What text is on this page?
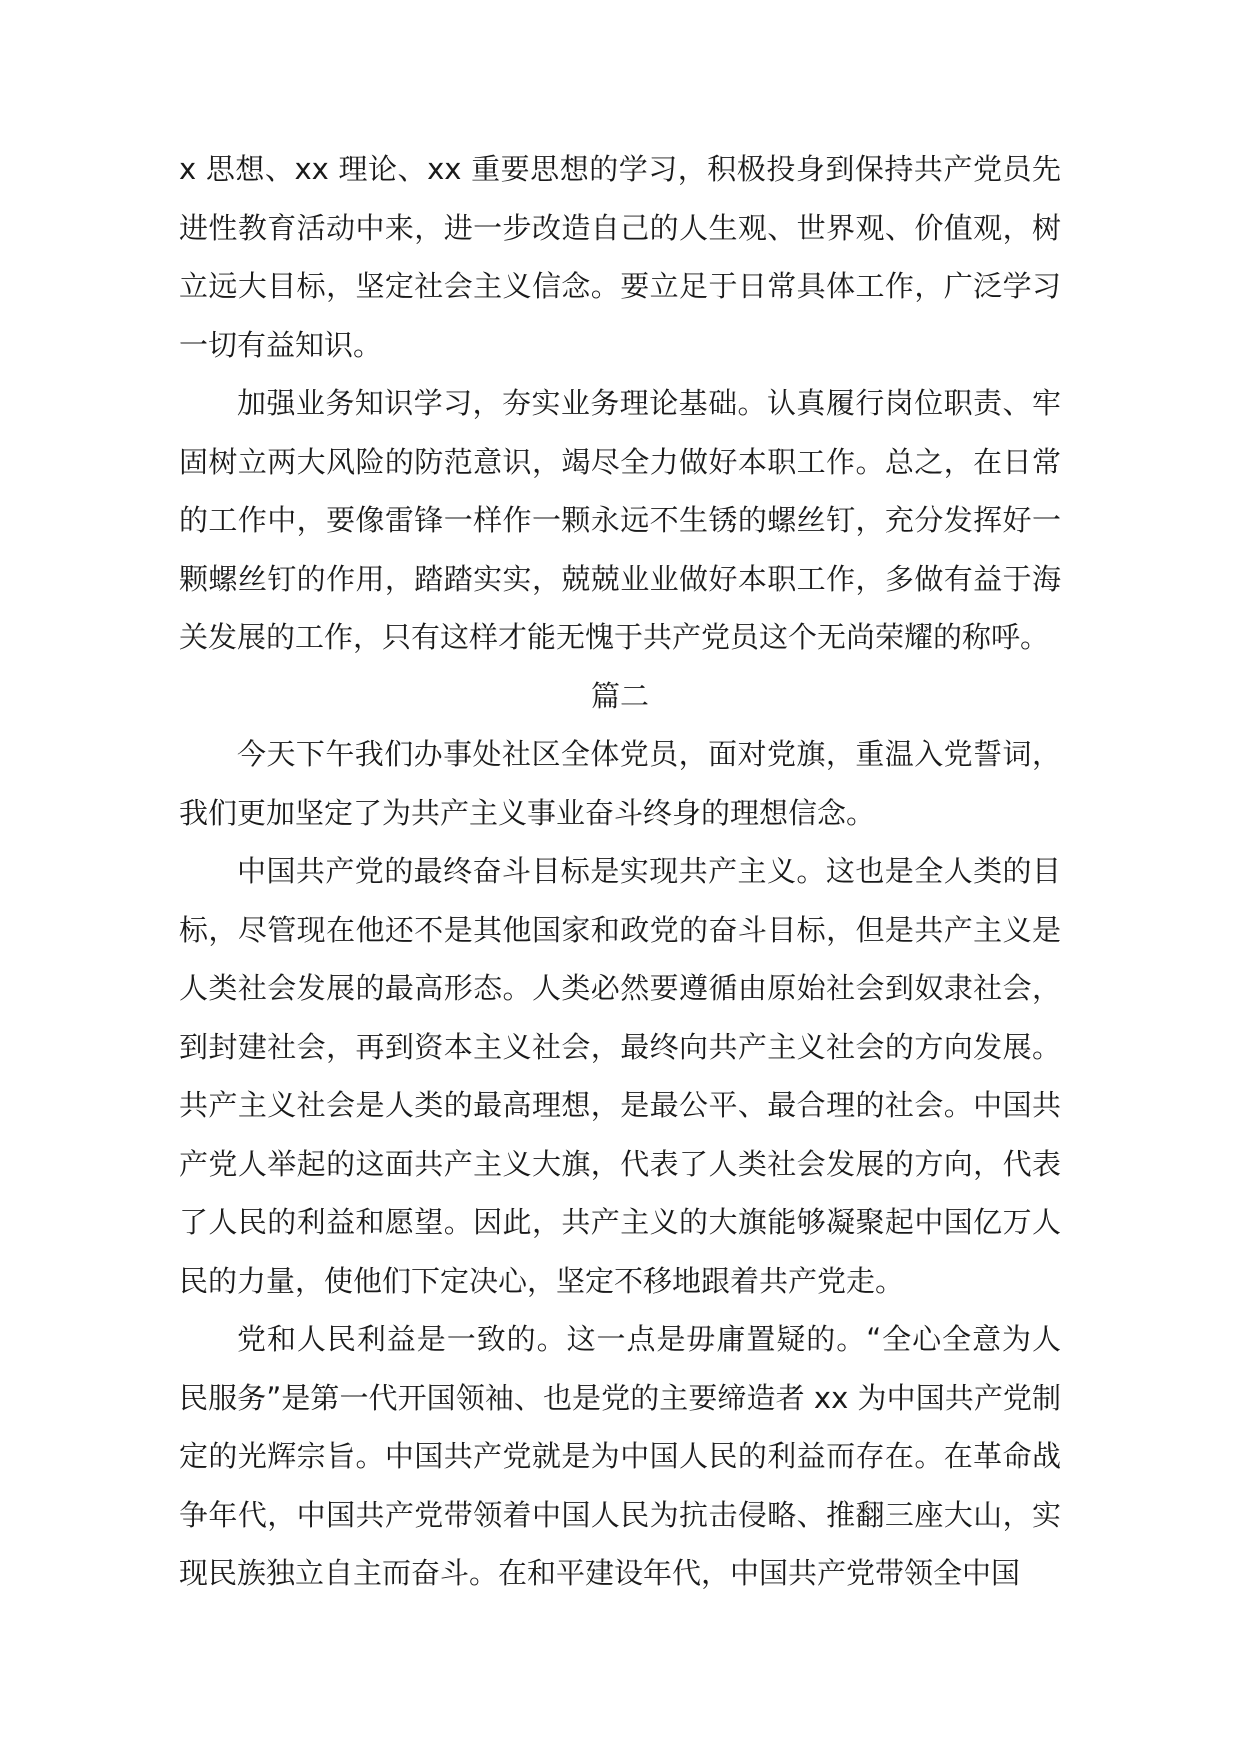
x 思想、xx 理论、xx 重要思想的学习，积极投身到保持共产党员先进性教育活动中来，进一步改造自己的人生观、世界观、价值观，树立远大目标，坚定社会主义信念。要立足于日常具体工作，广泛学习一切有益知识。

加强业务知识学习，夯实业务理论基础。认真履行岗位职责、牢固树立两大风险的防范意识，竭尽全力做好本职工作。总之，在日常的工作中，要像雷锋一样作一颗永远不生锈的螺丝钉，充分发挥好一颗螺丝钉的作用，踏踏实实，兢兢业业做好本职工作，多做有益于海关发展的工作，只有这样才能无愧于共产党员这个无尚荣耀的称呼。

篇二

今天下午我们办事处社区全体党员，面对党旗，重温入党誓词，我们更加坚定了为共产主义事业奋斗终身的理想信念。

中国共产党的最终奋斗目标是实现共产主义。这也是全人类的目标，尽管现在他还不是其他国家和政党的奋斗目标，但是共产主义是人类社会发展的最高形态。人类必然要遵循由原始社会到奴隶社会，到封建社会，再到资本主义社会，最终向共产主义社会的方向发展。共产主义社会是人类的最高理想，是最公平、最合理的社会。中国共产党人举起的这面共产主义大旗，代表了人类社会发展的方向，代表了人民的利益和愿望。因此，共产主义的大旗能够凝聚起中国亿万人民的力量，使他们下定决心，坚定不移地跟着共产党走。

党和人民利益是一致的。这一点是毋庸置疑的。“全心全意为人民服务”是第一代开国领袖、也是党的主要缔造者 xx 为中国共产党制定的光辉宗旨。中国共产党就是为中国人民的利益而存在。在革命战争年代，中国共产党带领着中国人民为抗击侵略、推翻三座大山，实现民族独立自主而奋斗。在和平建设年代，中国共产党带领全中国
